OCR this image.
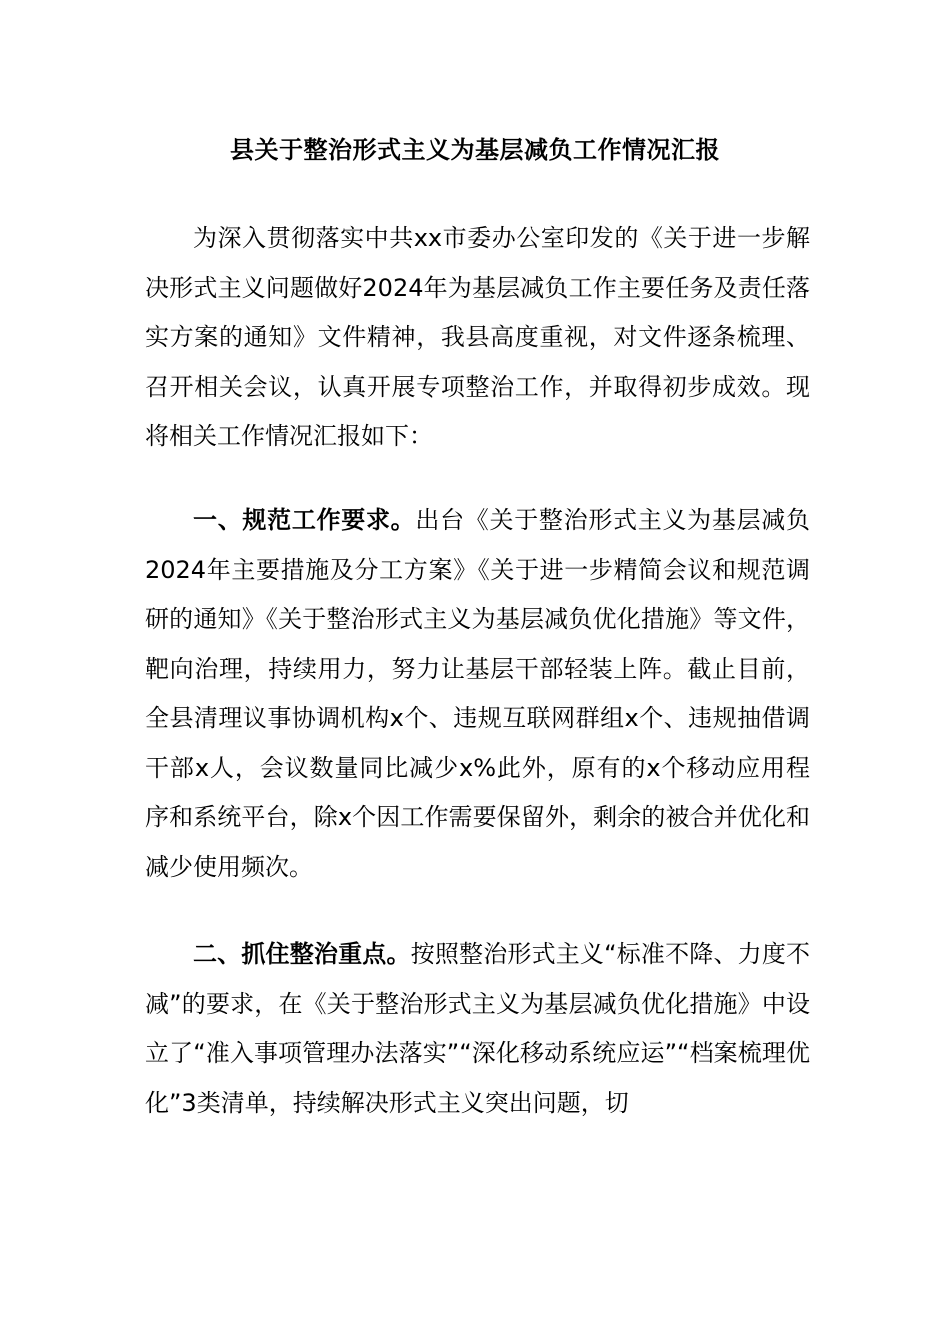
县关于整治形式主义为基层减负工作情况汇报

为深入贯彻落实中共xx市委办公室印发的《关于进一步解决形式主义问题做好2024年为基层减负工作主要任务及责任落实方案的通知》文件精神，我县高度重视，对文件逐条梳理、召开相关会议，认真开展专项整治工作，并取得初步成效。现将相关工作情况汇报如下：

一、规范工作要求。出台《关于整治形式主义为基层减负2024年主要措施及分工方案》《关于进一步精简会议和规范调研的通知》《关于整治形式主义为基层减负优化措施》等文件，靶向治理，持续用力，努力让基层干部轻装上阵。截止目前，全县清理议事协调机构x个、违规互联网群组x个、违规抽借调干部x人，会议数量同比减少x%此外，原有的x个移动应用程序和系统平台，除x个因工作需要保留外，剩余的被合并优化和减少使用频次。

二、抓住整治重点。按照整治形式主义“标准不降、力度不减”的要求，在《关于整治形式主义为基层减负优化措施》中设立了“准入事项管理办法落实”“深化移动系统应运”“档案梳理优化”3类清单，持续解决形式主义突出问题，切
